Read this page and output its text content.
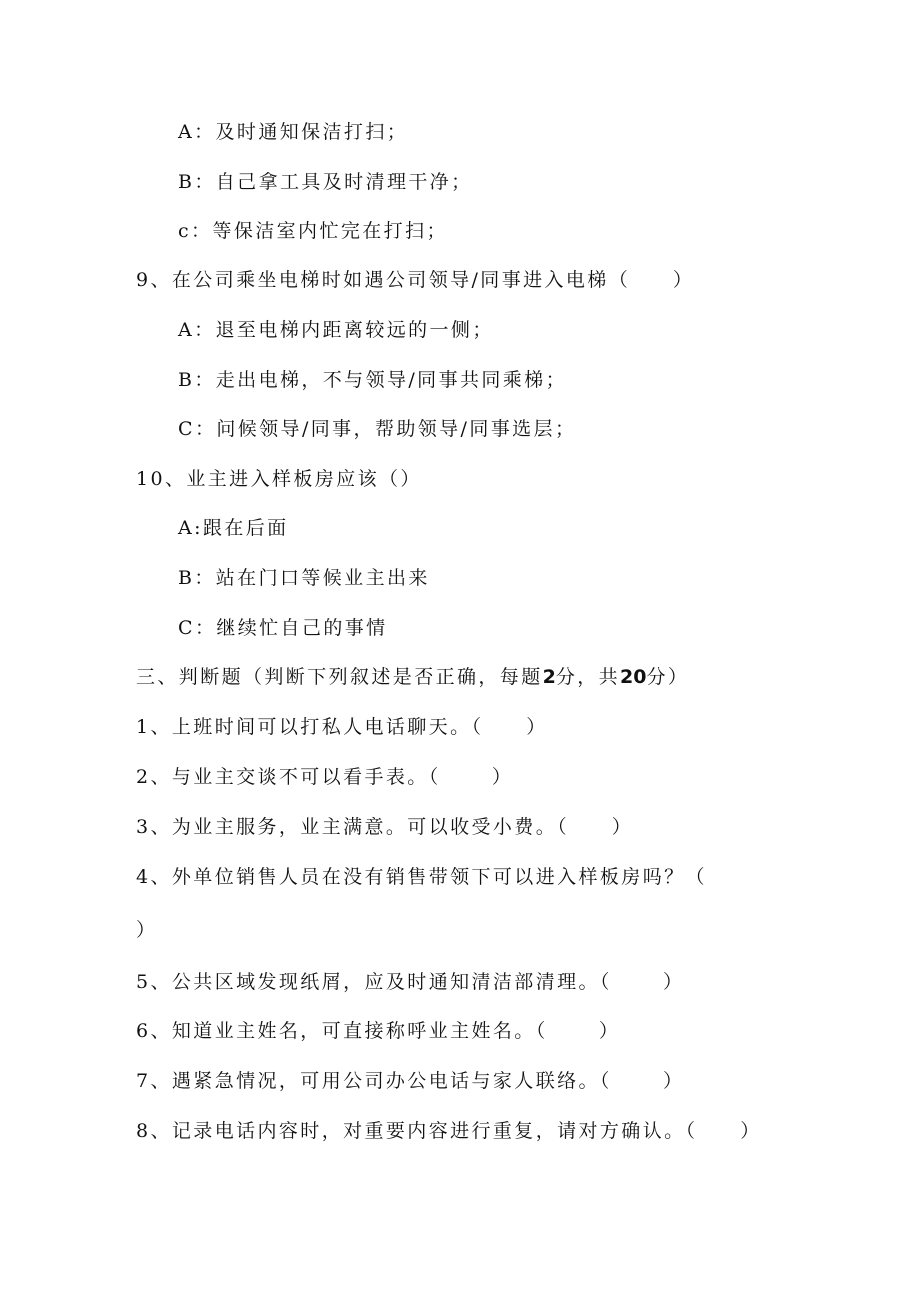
A：及时通知保洁打扫；
B：自己拿工具及时清理干净；
c：等保洁室内忙完在打扫；
9、在公司乘坐电梯时如遇公司领导/同事进入电梯（　　）
A：退至电梯内距离较远的一侧；
B：走出电梯，不与领导/同事共同乘梯；
C：问候领导/同事，帮助领导/同事选层；
10、业主进入样板房应该（）
A:跟在后面
B：站在门口等候业主出来
C：继续忙自己的事情
三、判断题（判断下列叙述是否正确，每题2分，共20分）
1、上班时间可以打私人电话聊天。（　　）
2、与业主交谈不可以看手表。（　　 ）
3、为业主服务，业主满意。可以收受小费。（　　）
4、外单位销售人员在没有销售带领下可以进入样板房吗？（
）
5、公共区域发现纸屑，应及时通知清洁部清理。（　　 ）
6、知道业主姓名，可直接称呼业主姓名。（　　 ）
7、遇紧急情况，可用公司办公电话与家人联络。（　　 ）
8、记录电话内容时，对重要内容进行重复，请对方确认。（　　）
